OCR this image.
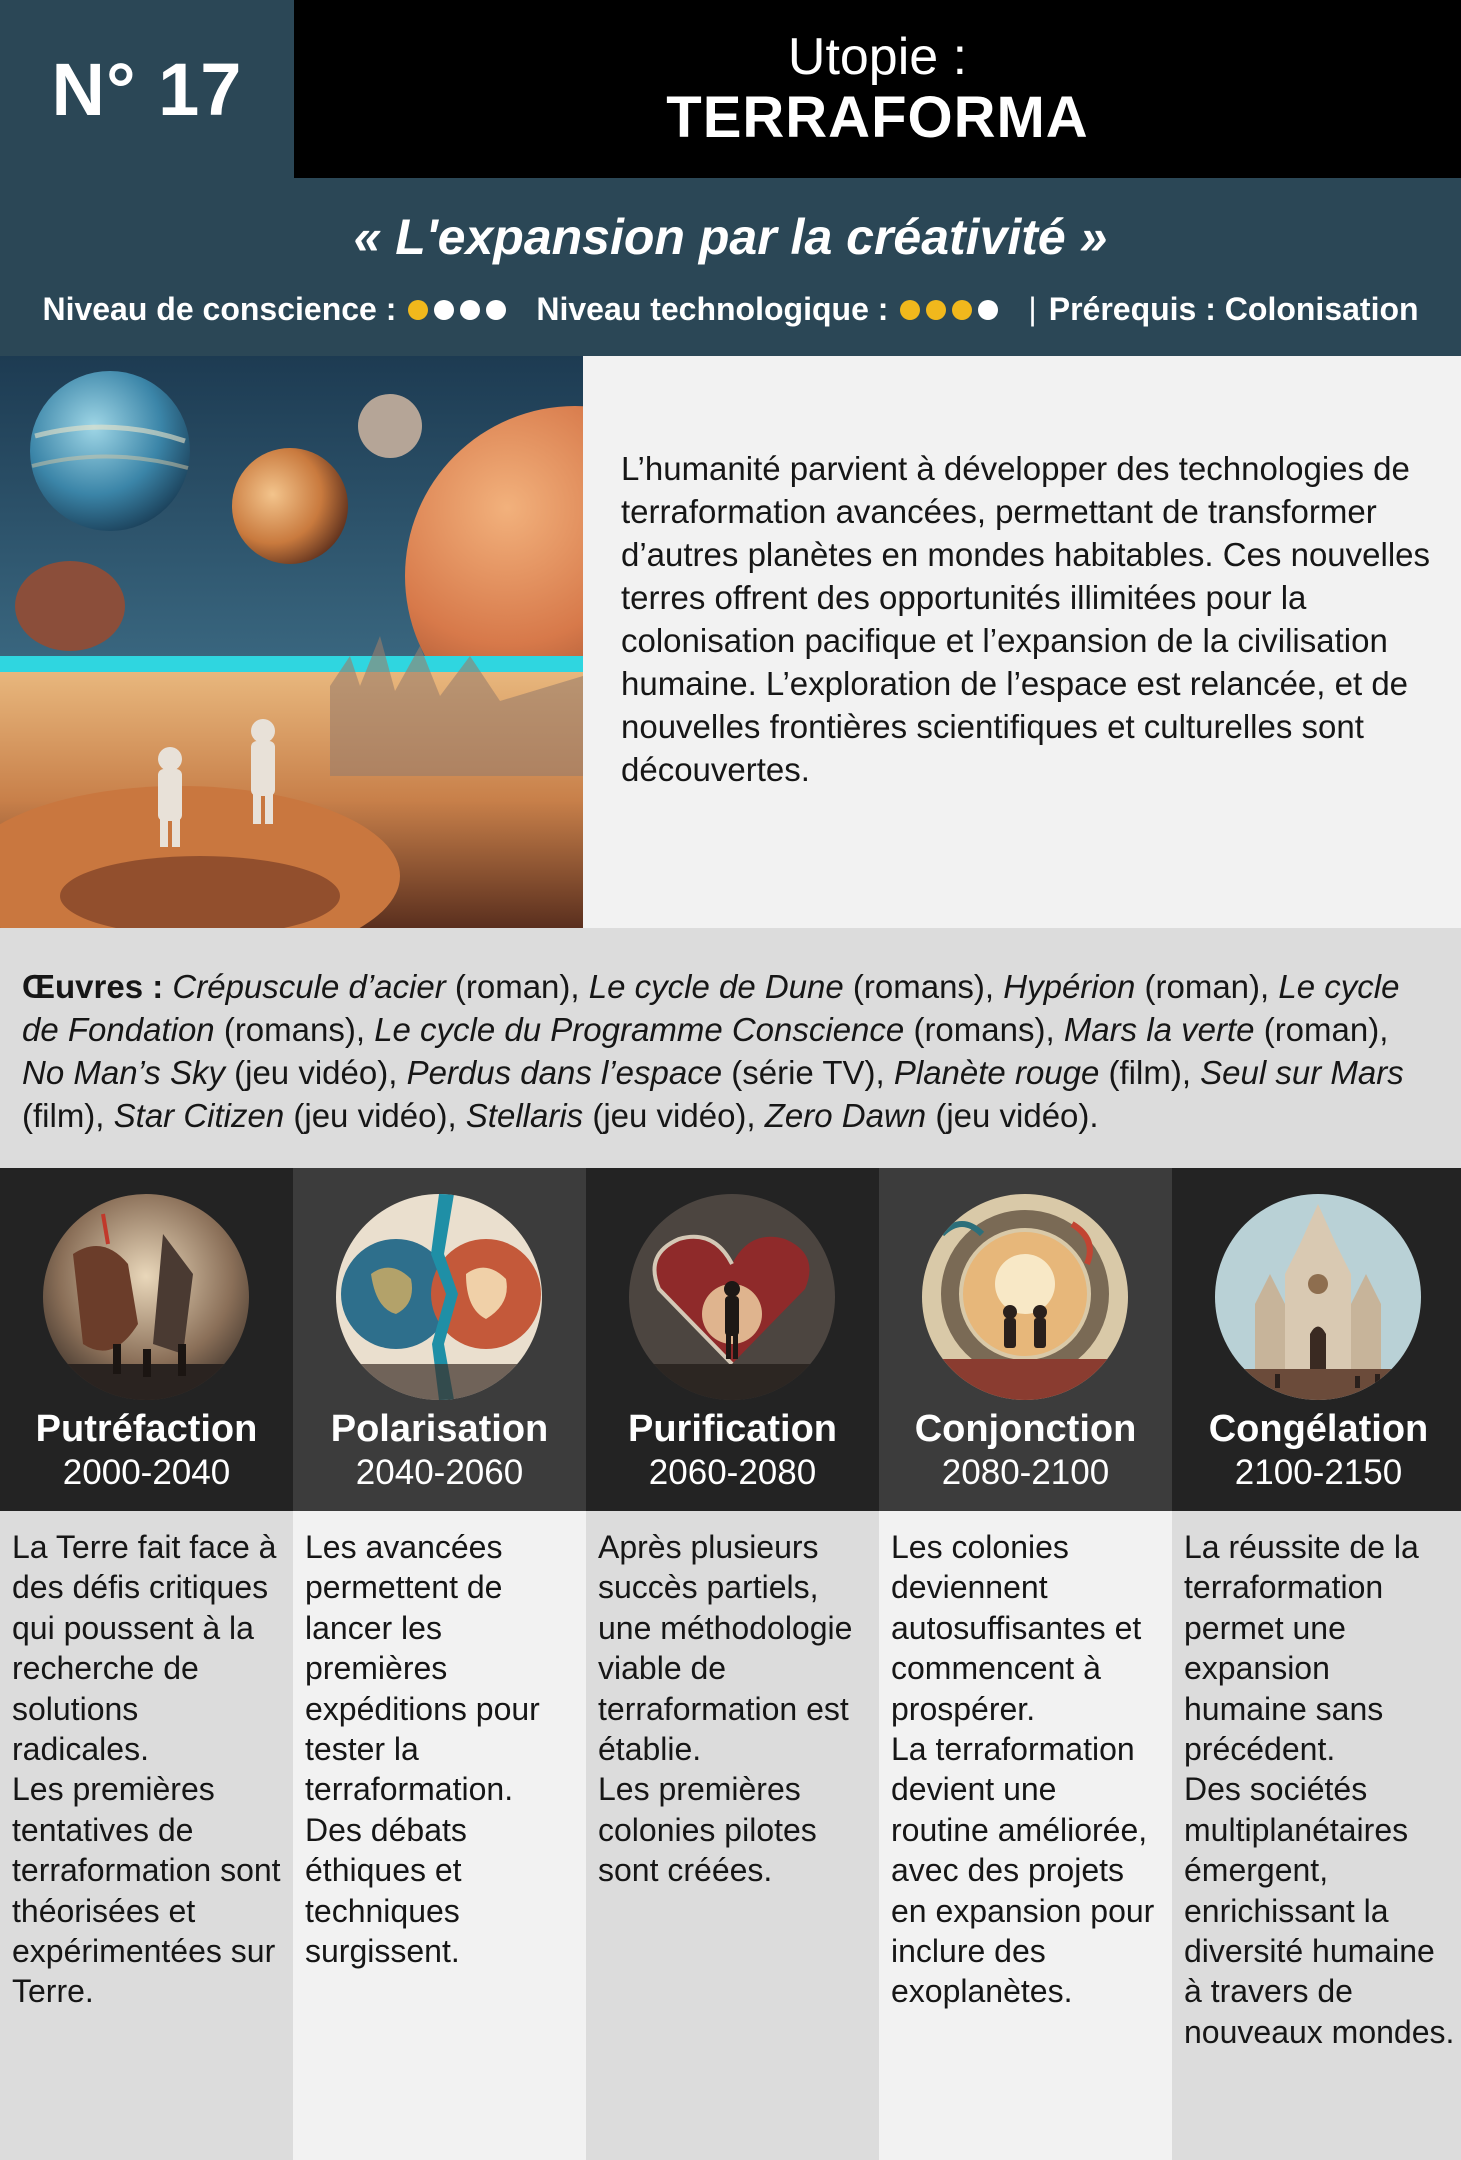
N° 17	Utopie :
TERRAFORMA
« L'expansion par la créativité »
Niveau de conscience :	Niveau technologique :	| Prérequis : Colonisation
L’humanité parvient à développer des technologies de terraformation avancées, permettant de transformer d’autres planètes en mondes habitables. Ces nouvelles terres offrent des opportunités illimitées pour la colonisation pacifique et l’expansion de la civilisation humaine. L’exploration de l’espace est relancée, et de nouvelles frontières scientifiques et culturelles sont découvertes.
Œuvres : Crépuscule d’acier (roman), Le cycle de Dune (romans), Hypérion (roman), Le cycle de Fondation (romans), Le cycle du Programme Conscience (romans), Mars la verte (roman), No Man’s Sky (jeu vidéo), Perdus dans l’espace (série TV), Planète rouge (film), Seul sur Mars (film), Star Citizen (jeu vidéo), Stellaris (jeu vidéo), Zero Dawn (jeu vidéo).
Putréfaction
2000-2040
La Terre fait face à des défis critiques qui poussent à la recherche de solutions radicales.
Les premières tentatives de terraformation sont théorisées et expérimentées sur Terre.
Polarisation
2040-2060
Les avancées permettent de lancer les premières expéditions pour tester la terraformation.
Des débats éthiques et techniques surgissent.
Purification
2060-2080
Après plusieurs succès partiels, une méthodologie viable de terraformation est établie.
Les premières colonies pilotes sont créées.
Conjonction
2080-2100
Les colonies deviennent autosuffisantes et commencent à prospérer.
La terraformation devient une routine améliorée, avec des projets en expansion pour inclure des exoplanètes.
Congélation
2100-2150
La réussite de la terraformation permet une expansion humaine sans précédent.
Des sociétés multiplanétaires émergent, enrichissant la diversité humaine à travers de nouveaux mondes.
